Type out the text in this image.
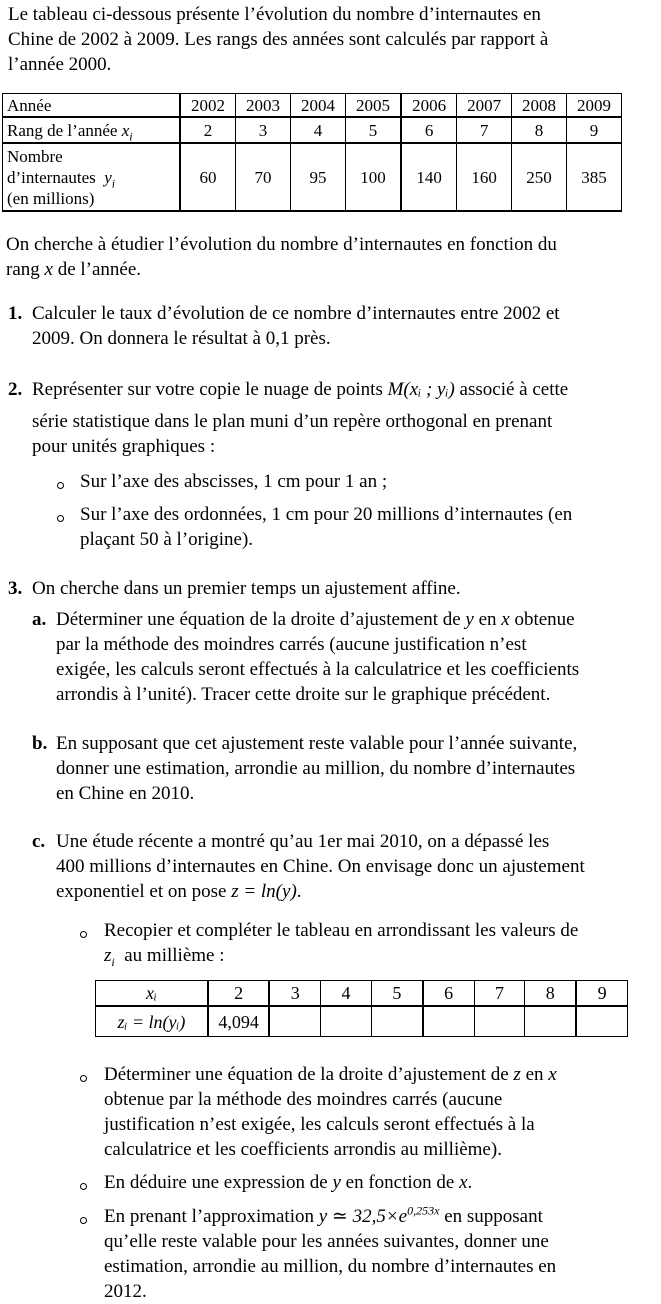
Le tableau ci-dessous présente l’évolution du nombre d’internautes en

Chine de 2002 à 2009. Les rangs des années sont calculés par rapport à

l’année 2000.

Année	2002	2003	2004	2005	2006	2007	2008	2009
Rang de l’année $x_i$	2	3	4	5	6	7	8	9

Nombre
d’internautes $y_i$
(en millions)	60	70	95	100	140	160	250	385

On cherche à étudier l’évolution du nombre d’internautes en fonction du

rang x de l’année.

1. Calculer le taux d’évolution de ce nombre d’internautes entre 2002 et

2009. On donnera le résultat à 0,1 près.

2. Représenter sur votre copie le nuage de points M(xᵢ ; yᵢ) associé à cette

série statistique dans le plan muni d’un repère orthogonal en prenant

pour unités graphiques :

Sur l’axe des abscisses, 1 cm pour 1 an ;

Sur l’axe des ordonnées, 1 cm pour 20 millions d’internautes (en

plaçant 50 à l’origine).

3. On cherche dans un premier temps un ajustement affine.

a. Déterminer une équation de la droite d’ajustement de y en x obtenue

par la méthode des moindres carrés (aucune justification n’est

exigée, les calculs seront effectués à la calculatrice et les coefficients

arrondis à l’unité). Tracer cette droite sur le graphique précédent.

b. En supposant que cet ajustement reste valable pour l’année suivante,

donner une estimation, arrondie au million, du nombre d’internautes

en Chine en 2010.

c. Une étude récente a montré qu’au 1er mai 2010, on a dépassé les

400 millions d’internautes en Chine. On envisage donc un ajustement

exponentiel et on pose z = ln(y).

Recopier et compléter le tableau en arrondissant les valeurs de

$z_i$ au millième :

xᵢ	2	3	4	5	6	7	8	9
zᵢ = ln(yᵢ)	4,094							

Déterminer une équation de la droite d’ajustement de z en x

obtenue par la méthode des moindres carrés (aucune

justification n’est exigée, les calculs seront effectués à la

calculatrice et les coefficients arrondis au millième).

En déduire une expression de y en fonction de x.

En prenant l’approximation y ≃ $32,5\times e^{0,253x}$ en supposant

qu’elle reste valable pour les années suivantes, donner une

estimation, arrondie au million, du nombre d’internautes en

2012.
